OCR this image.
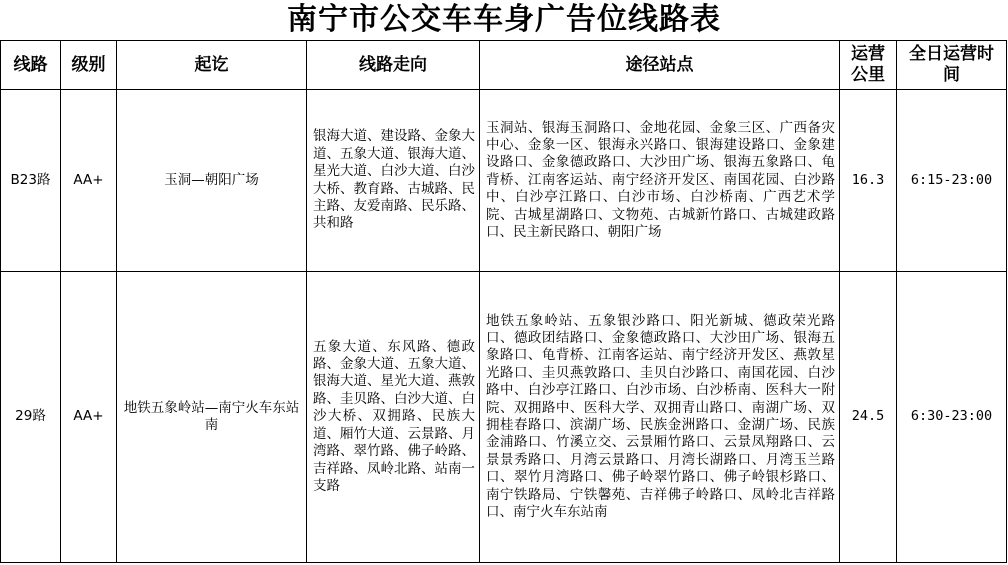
南宁市公交车车身广告位线路表
线路	级别	起讫	线路走向	途径站点	运营公里	全日运营时间

B23路	AA+	玉洞—朝阳广场	银海大道、建设路、金象大道、五象大道、银海大道、星光大道、白沙大道、白沙大桥、教育路、古城路、民主路、友爱南路、民乐路、共和路	玉洞站、银海玉洞路口、金地花园、金象三区、广西备灾中心、金象一区、银海永兴路口、银海建设路口、金象建设路口、金象德政路口、大沙田广场、银海五象路口、龟背桥、江南客运站、南宁经济开发区、南国花园、白沙路中、白沙亭江路口、白沙市场、白沙桥南、广西艺术学院、古城星湖路口、文物苑、古城新竹路口、古城建政路口、民主新民路口、朝阳广场	16.3	6:15-23:00
29路	AA+	地铁五象岭站—南宁火车东站南	五象大道、东风路、德政路、金象大道、五象大道、银海大道、星光大道、燕敦路、圭贝路、白沙大道、白沙大桥、双拥路、民族大道、厢竹大道、云景路、月湾路、翠竹路、佛子岭路、吉祥路、凤岭北路、站南一支路	地铁五象岭站、五象银沙路口、阳光新城、德政荣光路口、德政团结路口、金象德政路口、大沙田广场、银海五象路口、龟背桥、江南客运站、南宁经济开发区、燕敦星光路口、圭贝燕敦路口、圭贝白沙路口、南国花园、白沙路中、白沙亭江路口、白沙市场、白沙桥南、医科大一附院、双拥路中、医科大学、双拥青山路口、南湖广场、双拥桂春路口、滨湖广场、民族金洲路口、金湖广场、民族金浦路口、竹溪立交、云景厢竹路口、云景凤翔路口、云景景秀路口、月湾云景路口、月湾长湖路口、月湾玉兰路口、翠竹月湾路口、佛子岭翠竹路口、佛子岭银杉路口、南宁铁路局、宁铁馨苑、吉祥佛子岭路口、凤岭北吉祥路口、南宁火车东站南	24.5	6:30-23:00
